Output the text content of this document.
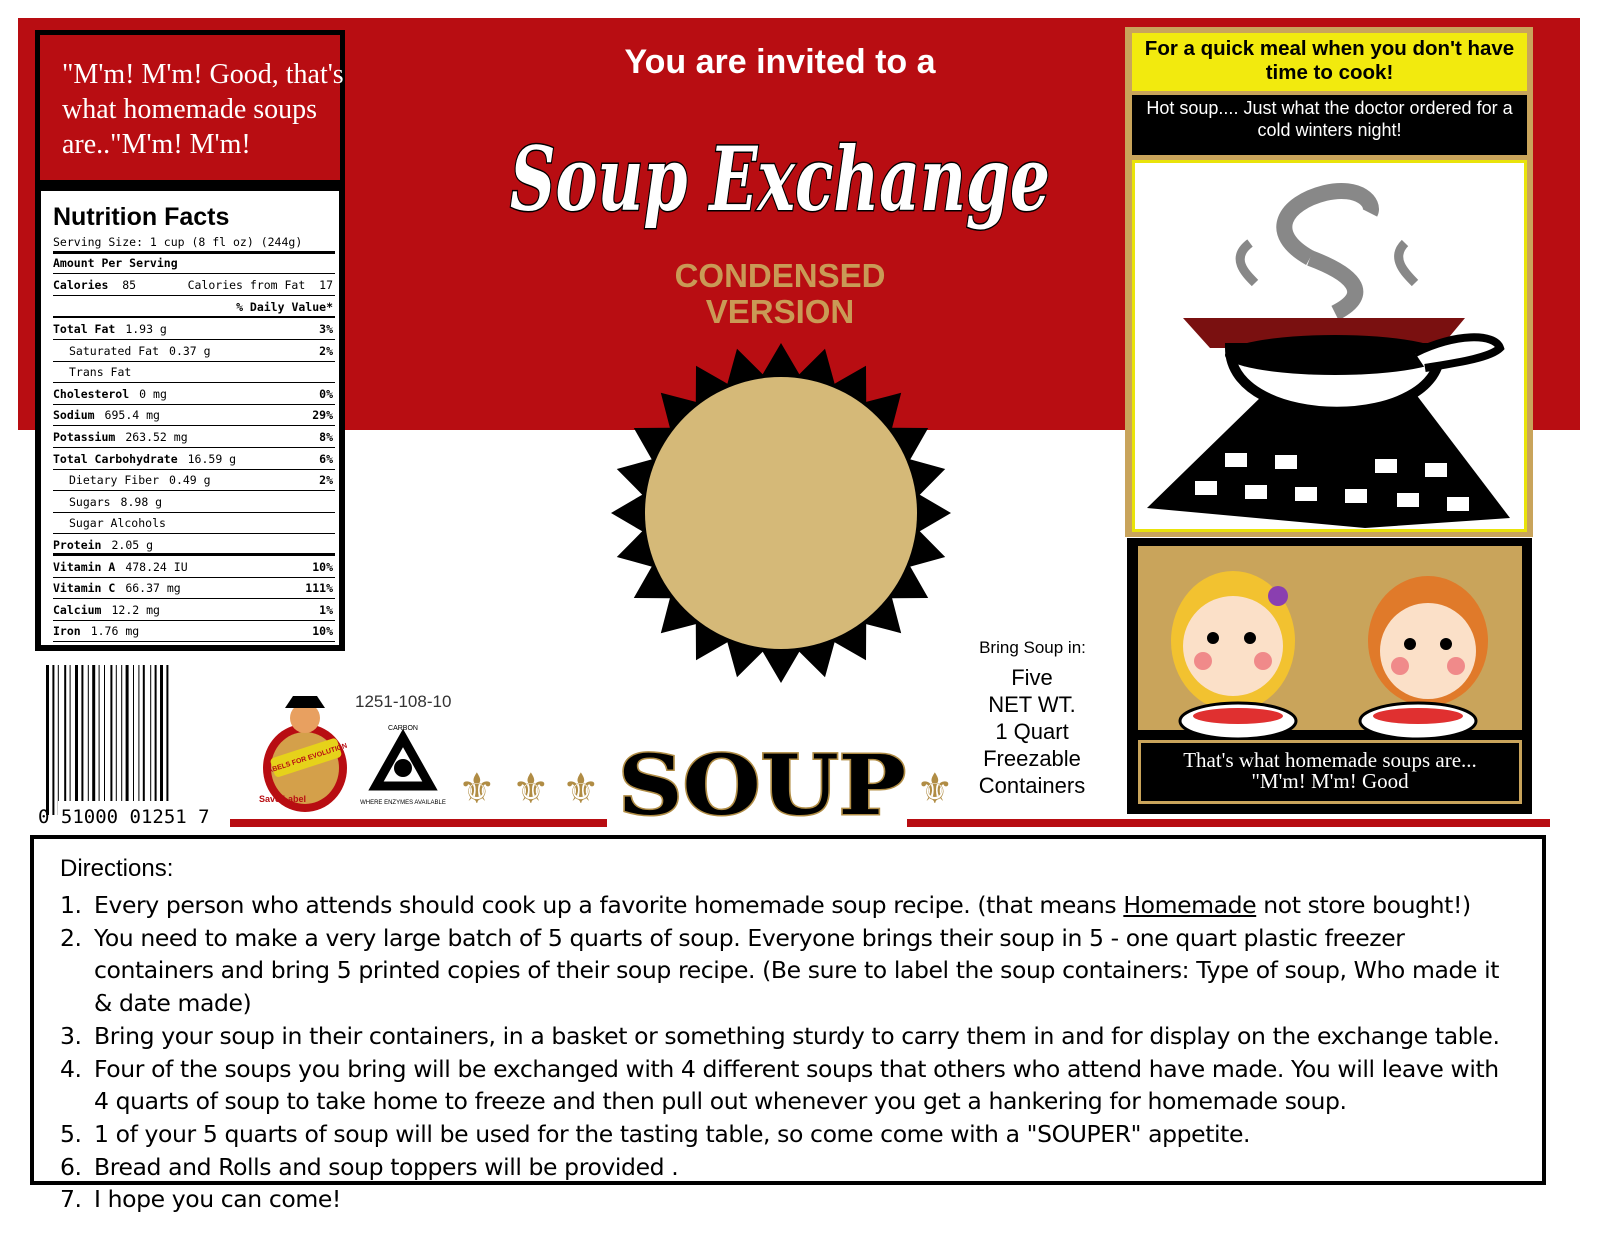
"M'm! M'm! Good, that's what homemade soups are.."M'm! M'm!
Nutrition Facts
Serving Size: 1 cup (8 fl oz) (244g)
Amount Per Serving
Calories 85	Calories from Fat 17
% Daily Value*
Total Fat 1.93 g	3%
Saturated Fat 0.37 g	2%
Trans Fat
Cholesterol 0 mg	0%
Sodium 695.4 mg	29%
Potassium 263.52 mg	8%
Total Carbohydrate 16.59 g	6%
Dietary Fiber 0.49 g	2%
Sugars 8.98 g
Sugar Alcohols
Protein 2.05 g
Vitamin A 478.24 IU	10%
Vitamin C 66.37 mg	111%
Calcium 12.2 mg	1%
Iron 1.76 mg	10%
0 51000 01251 7
LABELS FOR EVOLUTION
Save Label
1251-108-10
CARBON
WHERE ENZYMES AVAILABLE
You are invited to a
Soup Exchange
CONDENSED
VERSION
⚜ ⚜ ⚜	⚜
SOUP
Bring Soup in:
Five
NET WT.
1 Quart
Freezable
Containers
For a quick meal when you don't have time to cook!
Hot soup.... Just what the doctor ordered for a cold winters night!
That's what homemade soups are...
"M'm! M'm! Good
Directions:
1. Every person who attends should cook up a favorite homemade soup recipe. (that means Homemade not store bought!)
2. You need to make a very large batch of 5 quarts of soup. Everyone brings their soup in 5 - one quart plastic freezer containers and bring 5 printed copies of their soup recipe. (Be sure to label the soup containers: Type of soup, Who made it & date made)
3. Bring your soup in their containers, in a basket or something sturdy to carry them in and for display on the exchange table.
4. Four of the soups you bring will be exchanged with 4 different soups that others who attend have made. You will leave with 4 quarts of soup to take home to freeze and then pull out whenever you get a hankering for homemade soup.
5. 1 of your 5 quarts of soup will be used for the tasting table, so come come with a "SOUPER" appetite.
6. Bread and Rolls and soup toppers will be provided .
7. I hope you can come!
